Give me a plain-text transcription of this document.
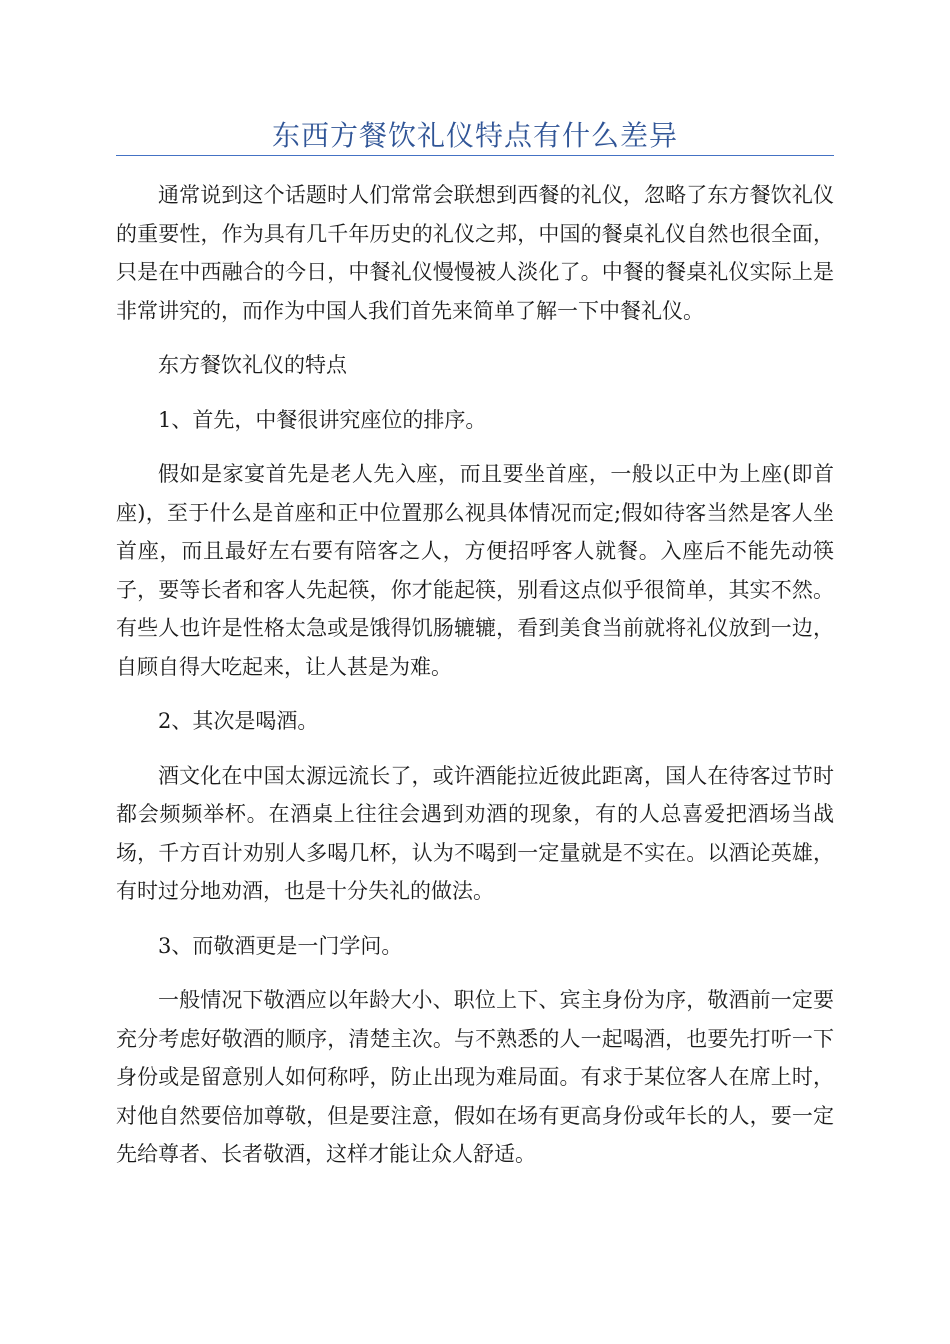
东西方餐饮礼仪特点有什么差异

通常说到这个话题时人们常常会联想到西餐的礼仪，忽略了东方餐饮礼仪的重要性，作为具有几千年历史的礼仪之邦，中国的餐桌礼仪自然也很全面，只是在中西融合的今日，中餐礼仪慢慢被人淡化了。中餐的餐桌礼仪实际上是非常讲究的，而作为中国人我们首先来简单了解一下中餐礼仪。

东方餐饮礼仪的特点

1、首先，中餐很讲究座位的排序。

假如是家宴首先是老人先入座，而且要坐首座，一般以正中为上座(即首座)，至于什么是首座和正中位置那么视具体情况而定;假如待客当然是客人坐首座，而且最好左右要有陪客之人，方便招呼客人就餐。入座后不能先动筷子，要等长者和客人先起筷，你才能起筷，别看这点似乎很简单，其实不然。有些人也许是性格太急或是饿得饥肠辘辘，看到美食当前就将礼仪放到一边，自顾自得大吃起来，让人甚是为难。

2、其次是喝酒。

酒文化在中国太源远流长了，或许酒能拉近彼此距离，国人在待客过节时都会频频举杯。在酒桌上往往会遇到劝酒的现象，有的人总喜爱把酒场当战场，千方百计劝别人多喝几杯，认为不喝到一定量就是不实在。以酒论英雄，有时过分地劝酒，也是十分失礼的做法。

3、而敬酒更是一门学问。

一般情况下敬酒应以年龄大小、职位上下、宾主身份为序，敬酒前一定要充分考虑好敬酒的顺序，清楚主次。与不熟悉的人一起喝酒，也要先打听一下身份或是留意别人如何称呼，防止出现为难局面。有求于某位客人在席上时，对他自然要倍加尊敬，但是要注意，假如在场有更高身份或年长的人，要一定先给尊者、长者敬酒，这样才能让众人舒适。
